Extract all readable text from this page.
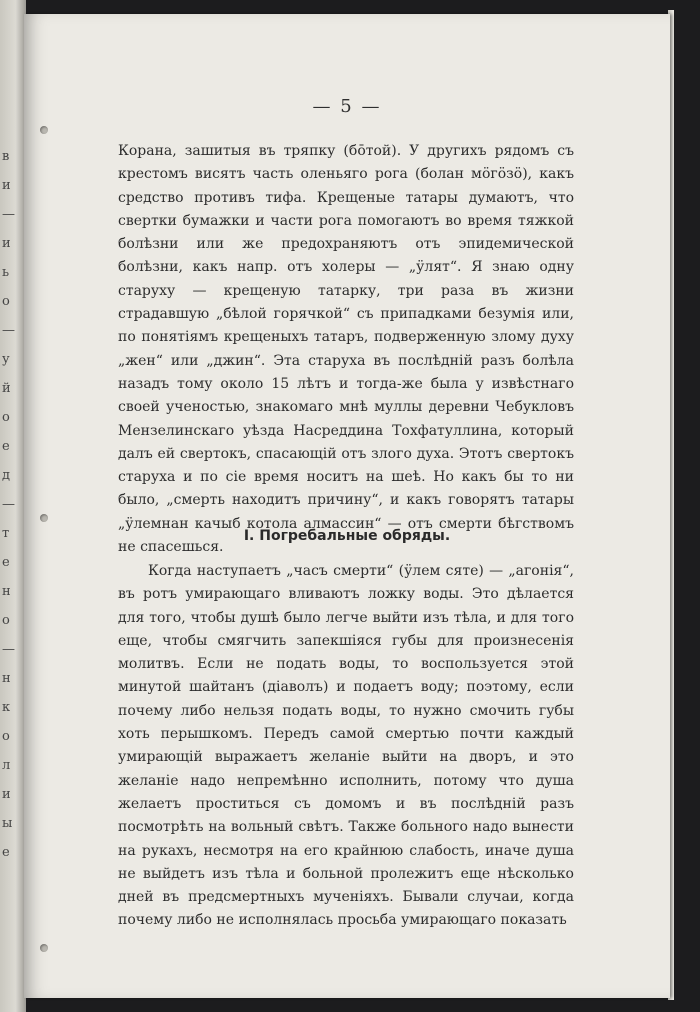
в
и
—
и
ь
о
—
у
й
о
е
д
—
т
е
н
о
—
н
к
о
л
и
ы
е
— 5 —

Корана, зашитыя въ тряпку (бо̄той). У другихъ рядомъ съ крестомъ висятъ часть оленьяго рога (болан мӧгӧзӧ), какъ средство противъ тифа. Крещеные татары думаютъ, что свертки бумажки и части рога помогаютъ во время тяжкой болѣзни или же предохраняютъ отъ эпидемической болѣзни, какъ напр. отъ холеры — „ӱлят“. Я знаю одну старуху — крещеную татарку, три раза въ жизни страдавшую „бѣлой горячкой“ съ припадками безумія или, по понятіямъ крещеныхъ татаръ, подверженную злому духу „жен“ или „джин“. Эта старуха въ послѣдній разъ болѣла назадъ тому около 15 лѣтъ и тогда-же была у извѣстнаго своей ученостью, знакомаго мнѣ муллы деревни Чебукловъ Мензелинскаго уѣзда Насреддина Тохфатуллина, который далъ ей свертокъ, спасающій отъ злого духа. Этотъ свертокъ старуха и по сіе время носитъ на шеѣ. Но какъ бы то ни было, „смерть находитъ причину“, и какъ говорятъ татары „ӱлемнан качыб котола алмассин“ — отъ смерти бѣгствомъ не спасешься.

I. Погребальные обряды.

Когда наступаетъ „часъ смерти“ (ӱлем сяте) — „агонія“, въ ротъ умирающаго вливаютъ ложку воды. Это дѣлается для того, чтобы душѣ было легче выйти изъ тѣла, и для того еще, чтобы смягчить запекшіяся губы для произнесенія молитвъ. Если не подать воды, то воспользуется этой минутой шайтанъ (діаволъ) и подаетъ воду; поэтому, если почему либо нельзя подать воды, то нужно смочить губы хоть перышкомъ. Передъ самой смертью почти каждый умирающій выражаетъ желаніе выйти на дворъ, и это желаніе надо непремѣнно исполнить, потому что душа желаетъ проститься съ домомъ и въ послѣдній разъ посмотрѣть на вольный свѣтъ. Также больного надо вынести на рукахъ, несмотря на его крайнюю слабость, иначе душа не выйдетъ изъ тѣла и больной пролежитъ еще нѣсколько дней въ предсмертныхъ мученіяхъ. Бывали случаи, когда почему либо не исполнялась просьба умирающаго показать
